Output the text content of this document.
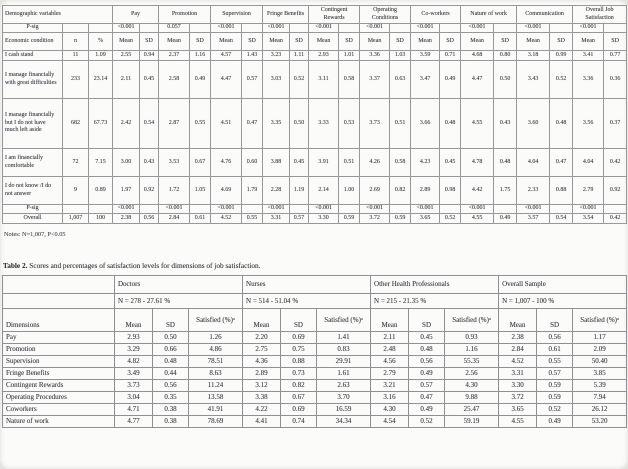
Demographic variables			Pay		Promotion		Supervision		Fringe Benefits		Contingent Rewards		Operating Conditions		Co-workers		Nature of work		Communication		Overall Job Satisfaction	
P-sig			<0.001		0.057		<0.001		<0.001		<0.001		<0.001		<0.001		<0.001		<0.001		<0.001	
Economic condition	n	%	Mean	SD	Mean	SD	Mean	SD	Mean	SD	Mean	SD	Mean	SD	Mean	SD	Mean	SD	Mean	SD	Mean	SD
I cash stand	11	1.09	2.55	0.94	2.37	1.16	4.57	1.43	3.23	1.11	2.93	1.01	3.36	1.03	3.59	0.71	4.68	0.80	3.18	0.99	3.41	0.77
I manage financially with great difficulties	233	23.14	2.11	0.45	2.58	0.49	4.47	0.57	3.03	0.52	3.11	0.58	3.37	0.63	3.47	0.49	4.47	0.50	3.43	0.52	3.36	0.36
I manage financially but I do not have much left aside	682	67.73	2.42	0.54	2.87	0.55	4.51	0.47	3.35	0.50	3.33	0.53	3.73	0.51	3.66	0.48	4.55	0.43	3.60	0.48	3.56	0.37
I am financially comfortable	72	7.15	3.00	0.43	3.53	0.67	4.76	0.60	3.88	0.45	3.91	0.51	4.26	0.58	4.23	0.45	4.78	0.48	4.04	0.47	4.04	0.42
I do not know /I do not answer	9	0.89	1.97	0.92	1.72	1.05	4.69	1.79	2.28	1.19	2.14	1.00	2.69	0.82	2.89	0.98	4.42	1.75	2.33	0.88	2.79	0.92
P-sig			<0.001		<0.001		<0.001		<0.001		<0.001		<0.001		<0.001		<0.001		<0.001		<0.001	
Overall	1,007	100	2.38	0.56	2.84	0.61	4.52	0.55	3.31	0.57	3.30	0.59	3.72	0.59	3.65	0.52	4.55	0.49	3.57	0.54	3.54	0.42
Notes: N=1,007, P<0.05
Table 2. Scores and percentages of satisfaction levels for dimensions of job satisfaction.
	Doctors			Nurses			Other Health Professionals			Overall Sample		
	N = 278 - 27.61 %			N = 514 - 51.04 %			N = 215 - 21.35 %			N = 1,007 - 100 %		
Dimensions	Mean	SD	Satisfied (%)ᵃ	Mean	SD	Satisfied (%)ᵃ	Mean	SD	Satisfied (%)ᵃ	Mean	SD	Satisfied (%)ᵃ
Pay	2.93	0.50	1.26	2.20	0.69	1.41	2.11	0.45	0.93	2.38	0.56	1.17
Promotion	3.29	0.66	4.86	2.75	0.75	0.83	2.48	0.48	1.16	2.84	0.61	2.09
Supervision	4.82	0.48	78.51	4.36	0.88	29.91	4.56	0.56	55.35	4.52	0.55	50.40
Fringe Benefits	3.49	0.44	8.63	2.89	0.73	1.61	2.79	0.49	2.56	3.31	0.57	3.85
Contingent Rewards	3.73	0.56	11.24	3.12	0.82	2.63	3.21	0.57	4.30	3.30	0.59	5.39
Operating Procedures	3.04	0.35	13.58	3.38	0.67	3.70	3.16	0.47	9.88	3.72	0.59	7.94
Coworkers	4.71	0.38	41.91	4.22	0.69	16.59	4.30	0.49	25.47	3.65	0.52	26.12
Nature of work	4.77	0.38	78.69	4.41	0.74	34.34	4.54	0.52	59.19	4.55	0.49	53.20
